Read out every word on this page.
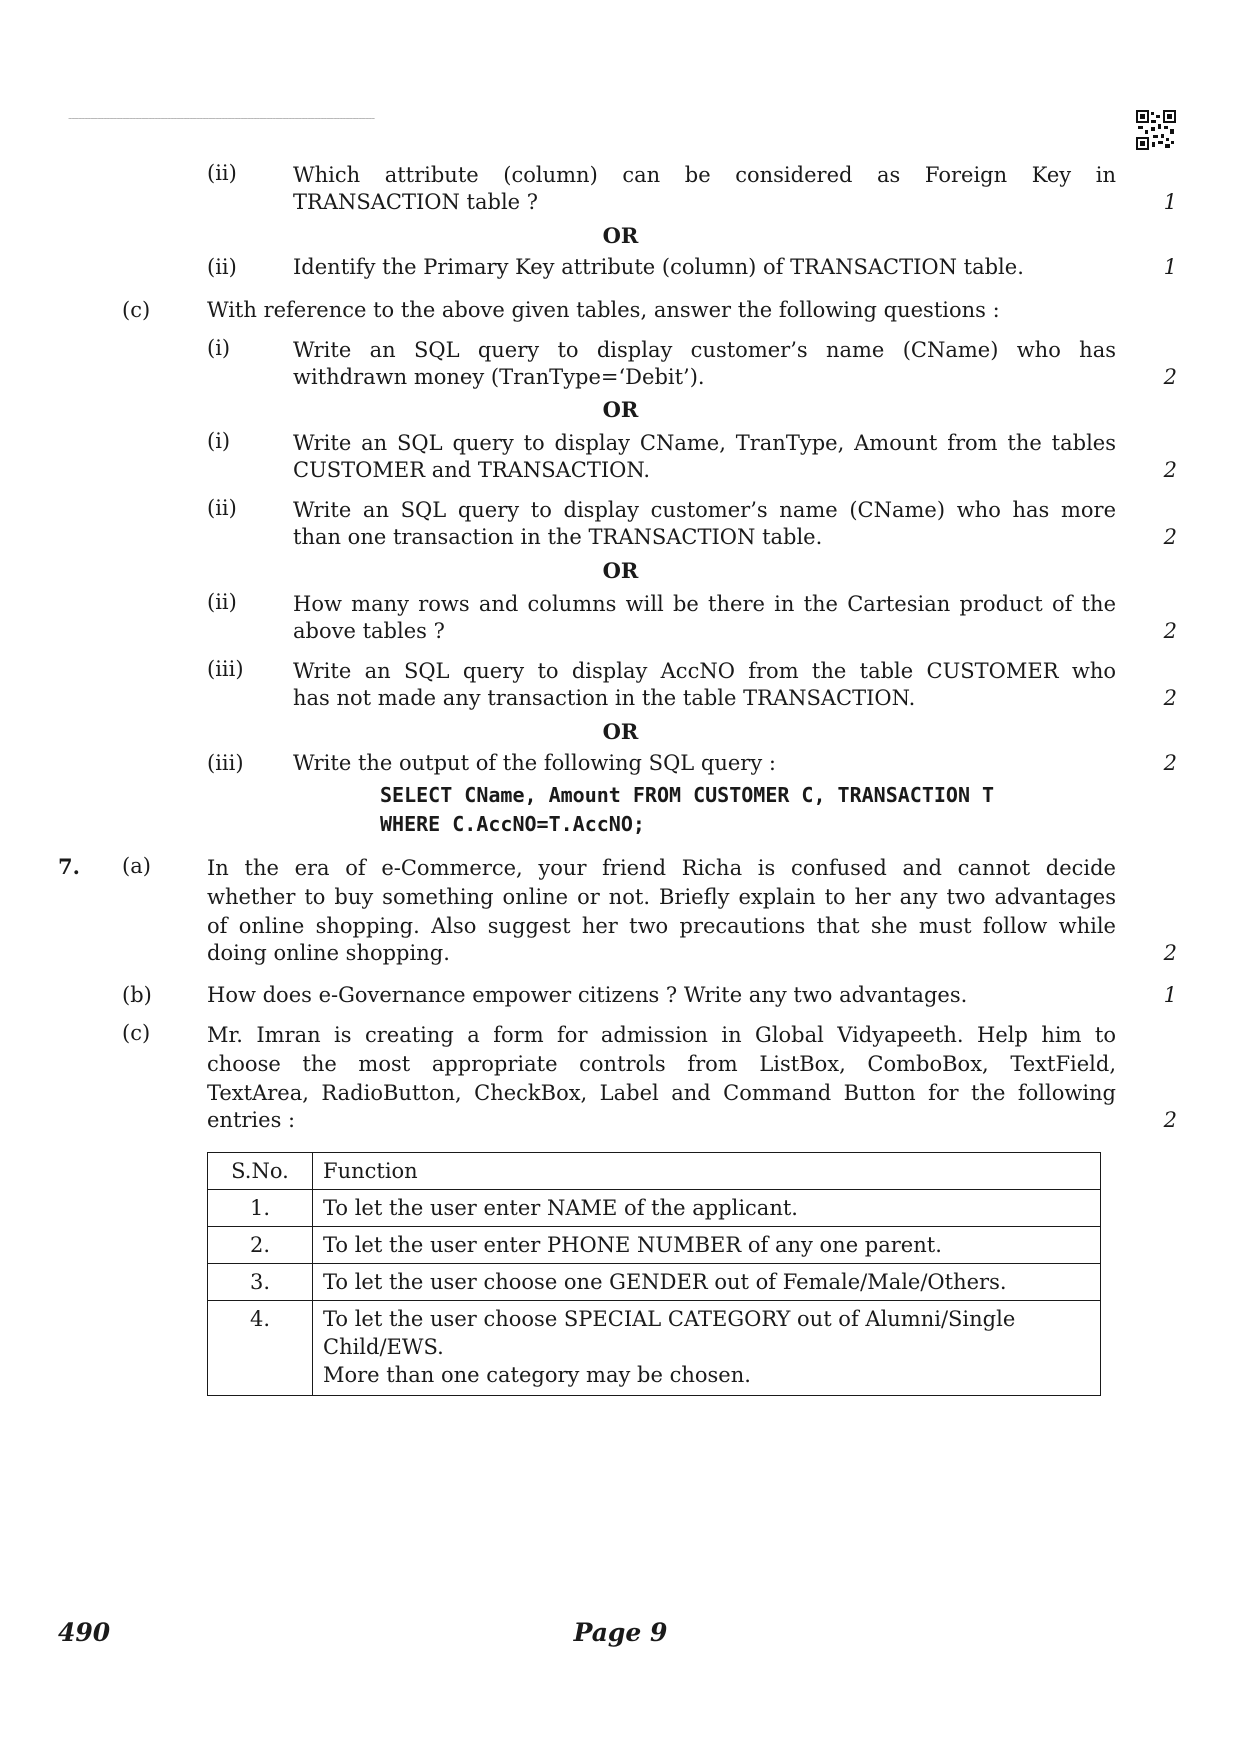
~~~~~~~~~~~~~~~~~~~~~~~~~~~~~~~~~~~~~~~~~~~~~~~~~~~~~~~~~~~~~~~~~~~~~~~~~~~~~~~~~~~~~~~~~~~~~~~~
(ii)	Which attribute (column) can be considered as Foreign Key in
TRANSACTION table ?	1
OR
(ii)	Identify the Primary Key attribute (column) of TRANSACTION table.	1
(c)	With reference to the above given tables, answer the following questions :
(i)	Write an SQL query to display customer’s name (CName) who has
withdrawn money (TranType=‘Debit’).	2
OR
(i)	Write an SQL query to display CName, TranType, Amount from the tables
CUSTOMER and TRANSACTION.	2
(ii)	Write an SQL query to display customer’s name (CName) who has more
than one transaction in the TRANSACTION table.	2
OR
(ii)	How many rows and columns will be there in the Cartesian product of the
above tables ?	2
(iii) Write an SQL query to display AccNO from the table CUSTOMER who
has not made any transaction in the table TRANSACTION.	2
OR
(iii) Write the output of the following SQL query :	2
SELECT CName, Amount FROM CUSTOMER C, TRANSACTION T
WHERE C.AccNO=T.AccNO;
7. (a)	In the era of e-Commerce, your friend Richa is confused and cannot decide
whether to buy something online or not. Briefly explain to her any two advantages
of online shopping. Also suggest her two precautions that she must follow while
doing online shopping.	2
(b)	How does e-Governance empower citizens ? Write any two advantages.	1
(c)	Mr. Imran is creating a form for admission in Global Vidyapeeth. Help him to
choose the most appropriate controls from ListBox, ComboBox, TextField,
TextArea, RadioButton, CheckBox, Label and Command Button for the following
entries :	2
S.No.	Function
1.	To let the user enter NAME of the applicant.
2.	To let the user enter PHONE NUMBER of any one parent.
3.	To let the user choose one GENDER out of Female/Male/Others.
4.	To let the user choose SPECIAL CATEGORY out of Alumni/Single
Child/EWS.
More than one category may be chosen.
490	Page 9
